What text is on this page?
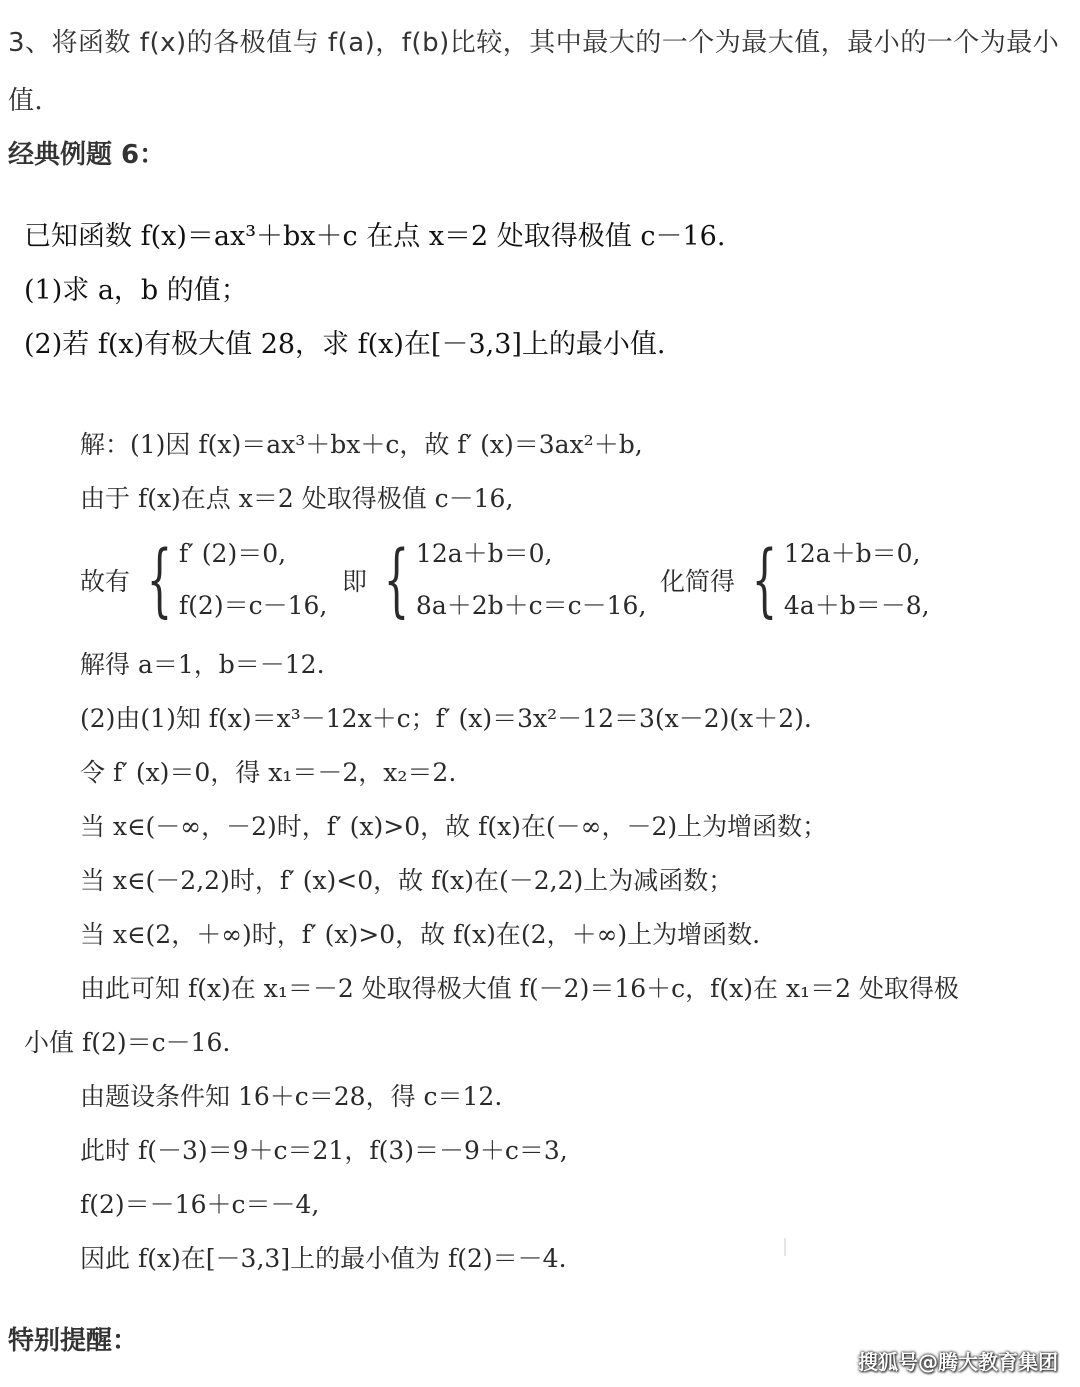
3、将函数 f(x)的各极值与 f(a)，f(b)比较，其中最大的一个为最大值，最小的一个为最小值．
经典例题 6：
已知函数 f(x)＝ax³＋bx＋c 在点 x＝2 处取得极值 c－16.
(1)求 a，b 的值；
(2)若 f(x)有极大值 28，求 f(x)在[－3,3]上的最小值.
解：(1)因 f(x)＝ax³＋bx＋c，故 f′ (x)＝3ax²＋b,
由于 f(x)在点 x＝2 处取得极值 c－16,
故有 { f′ (2)＝0,
f(2)＝c－16,
即 { 12a＋b＝0,
8a＋2b＋c＝c－16,
化简得 { 12a＋b＝0,
4a＋b＝－8,
解得 a＝1，b＝－12.
(2)由(1)知 f(x)＝x³－12x＋c；f′ (x)＝3x²－12＝3(x－2)(x＋2).
令 f′ (x)＝0，得 x₁＝－2，x₂＝2.
当 x∈(－∞，－2)时，f′ (x)>0，故 f(x)在(－∞，－2)上为增函数；
当 x∈(－2,2)时，f′ (x)<0，故 f(x)在(－2,2)上为减函数；
当 x∈(2，＋∞)时，f′ (x)>0，故 f(x)在(2，＋∞)上为增函数.
由此可知 f(x)在 x₁＝－2 处取得极大值 f(－2)＝16＋c，f(x)在 x₁＝2 处取得极
小值 f(2)＝c－16.
由题设条件知 16＋c＝28，得 c＝12.
此时 f(－3)＝9＋c＝21，f(3)＝－9＋c＝3,
f(2)＝－16＋c＝－4,
因此 f(x)在[－3,3]上的最小值为 f(2)＝－4.
特别提醒：
搜狐号@腾大教育集团
